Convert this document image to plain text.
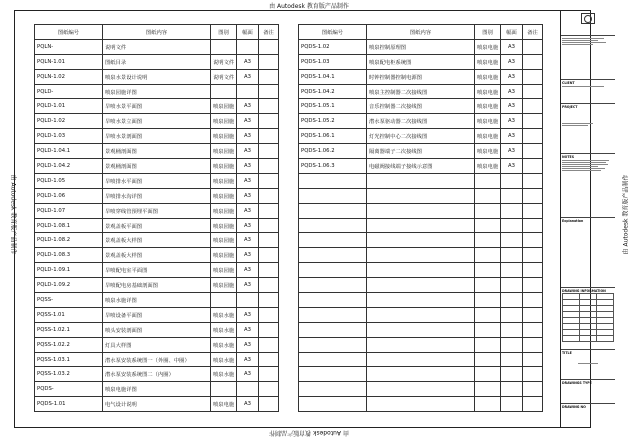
由 Autodesk 教育版产品制作
由 Autodesk 教育版产品制作
由 Autodesk 教育版产品制作	由 Autodesk 教育版产品制作
图纸编号	图纸内容	图别	幅面	备注
PQLN-	说明文件			
PQLN-1.01	图纸目录	说明文件	A3	
PQLN-1.02	喷泉水景设计说明	说明文件	A3	
PQLD-	喷泉园施详图			
PQLD-1.01	旱喷水景平面图	喷泉园施	A3	
PQLD-1.02	旱喷水景立面图	喷泉园施	A3	
PQLD-1.03	旱喷水景剖面图	喷泉园施	A3	
PQLD-1.04.1	景观桶剖面图	喷泉园施	A3	
PQLD-1.04.2	景观桶剖面图	喷泉园施	A3	
PQLD-1.05	旱喷排水平面图	喷泉园施	A3	
PQLD-1.06	旱喷排水沟详图	喷泉园施	A3	
PQLD-1.07	旱喷穿线管预埋平面图	喷泉园施	A3	
PQLD-1.08.1	景观盖板平面图	喷泉园施	A3	
PQLD-1.08.2	景观盖板大样图	喷泉园施	A3	
PQLD-1.08.3	景观盖板大样图	喷泉园施	A3	
PQLD-1.09.1	旱喷配电室平面图	喷泉园施	A3	
PQLD-1.09.2	旱喷配电房基础剖面图	喷泉园施	A3	
PQSS-	喷泉水施详图			
PQSS-1.01	旱喷设备平面图	喷泉水施	A3	
PQSS-1.02.1	喷头安装剖面图	喷泉水施	A3	
PQSS-1.02.2	灯具大样图	喷泉水施	A3	
PQSS-1.03.1	潜水泵安装系统图一（外圈、中圈）	喷泉水施	A3	
PQSS-1.03.2	潜水泵安装系统图二（内圈）	喷泉水施	A3	
PQDS-	喷泉电施详图			
PQDS-1.01	电气设计说明	喷泉电施	A3	
图纸编号	图纸内容	图别	幅面	备注
PQDS-1.02	喷泉控制原理图	喷泉电施	A3	
PQDS-1.03	喷泉配电柜系统图	喷泉电施	A3	
PQDS-1.04.1	时钟控制器控制电源图	喷泉电施	A3	
PQDS-1.04.2	喷泉主控制器二次接线图	喷泉电施	A3	
PQDS-1.05.1	音乐控制器二次接线图	喷泉电施	A3	
PQDS-1.05.2	潜水泵驱动器二次接线图	喷泉电施	A3	
PQDS-1.06.1	灯光控制中心二次接线图	喷泉电施	A3	
PQDS-1.06.2	隔离器端子二次接线图	喷泉电施	A3	
PQDS-1.06.3	电磁阀接线端子接线示意图	喷泉电施	A3	

CLIENT
PROJECT
NOTES
Explanation
DRAWING INFORMATION

TITLE
DRAWINGS TYPE
DRAWING NO
